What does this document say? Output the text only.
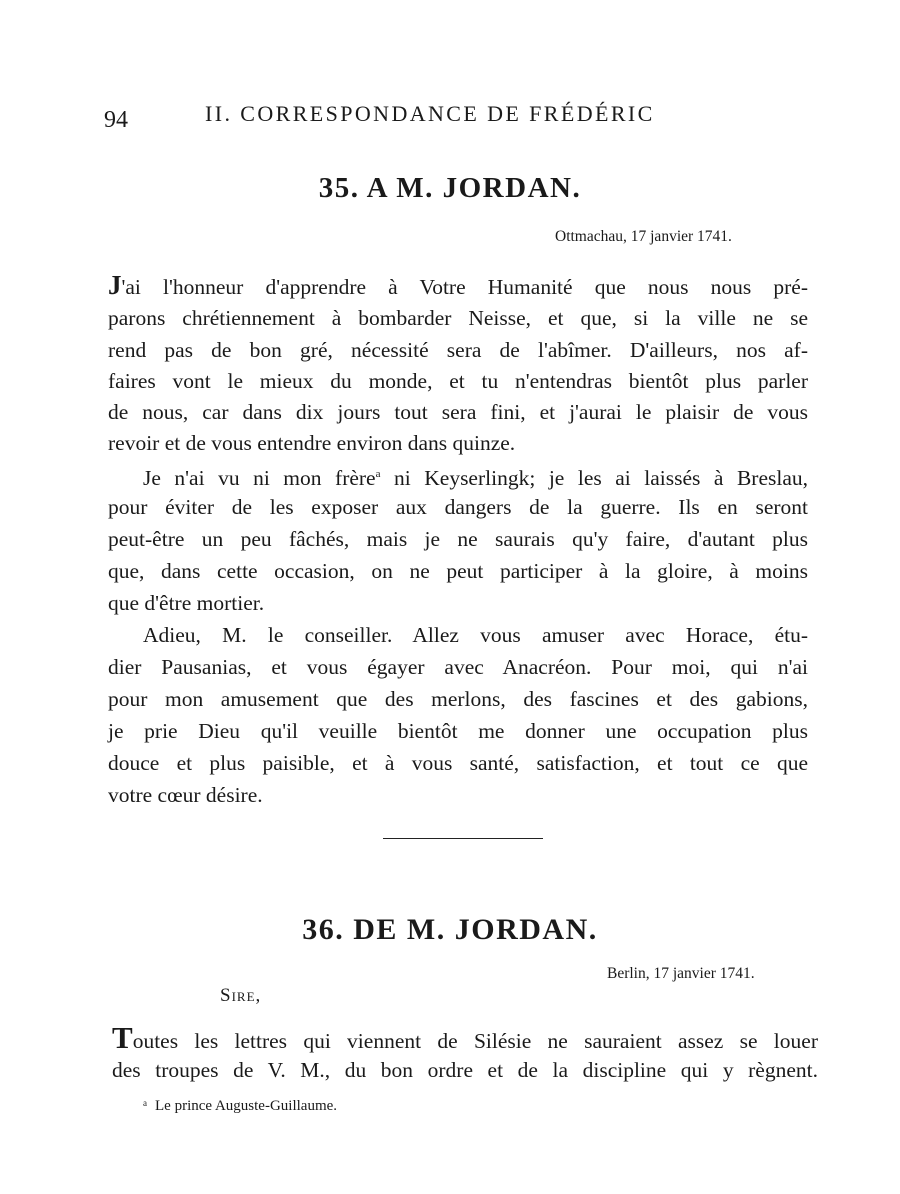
94	II. CORRESPONDANCE DE FRÉDÉRIC
35. A M. JORDAN.
Ottmachau, 17 janvier 1741.
J'ai l'honneur d'apprendre à Votre Humanité que nous nous pré-
parons chrétiennement à bombarder Neisse, et que, si la ville ne se
rend pas de bon gré, nécessité sera de l'abîmer. D'ailleurs, nos af-
faires vont le mieux du monde, et tu n'entendras bientôt plus parler
de nous, car dans dix jours tout sera fini, et j'aurai le plaisir de vous
revoir et de vous entendre environ dans quinze.
Je n'ai vu ni mon frère$^a$ ni Keyserlingk; je les ai laissés à Breslau,
pour éviter de les exposer aux dangers de la guerre. Ils en seront
peut-être un peu fâchés, mais je ne saurais qu'y faire, d'autant plus
que, dans cette occasion, on ne peut participer à la gloire, à moins
que d'être mortier.
Adieu, M. le conseiller. Allez vous amuser avec Horace, étu-
dier Pausanias, et vous égayer avec Anacréon. Pour moi, qui n'ai
pour mon amusement que des merlons, des fascines et des gabions,
je prie Dieu qu'il veuille bientôt me donner une occupation plus
douce et plus paisible, et à vous santé, satisfaction, et tout ce que
votre cœur désire.
36. DE M. JORDAN.
Berlin, 17 janvier 1741.
Sire,
Toutes les lettres qui viennent de Silésie ne sauraient assez se louer
des troupes de V. M., du bon ordre et de la discipline qui y règnent.
$^a$ Le prince Auguste-Guillaume.
